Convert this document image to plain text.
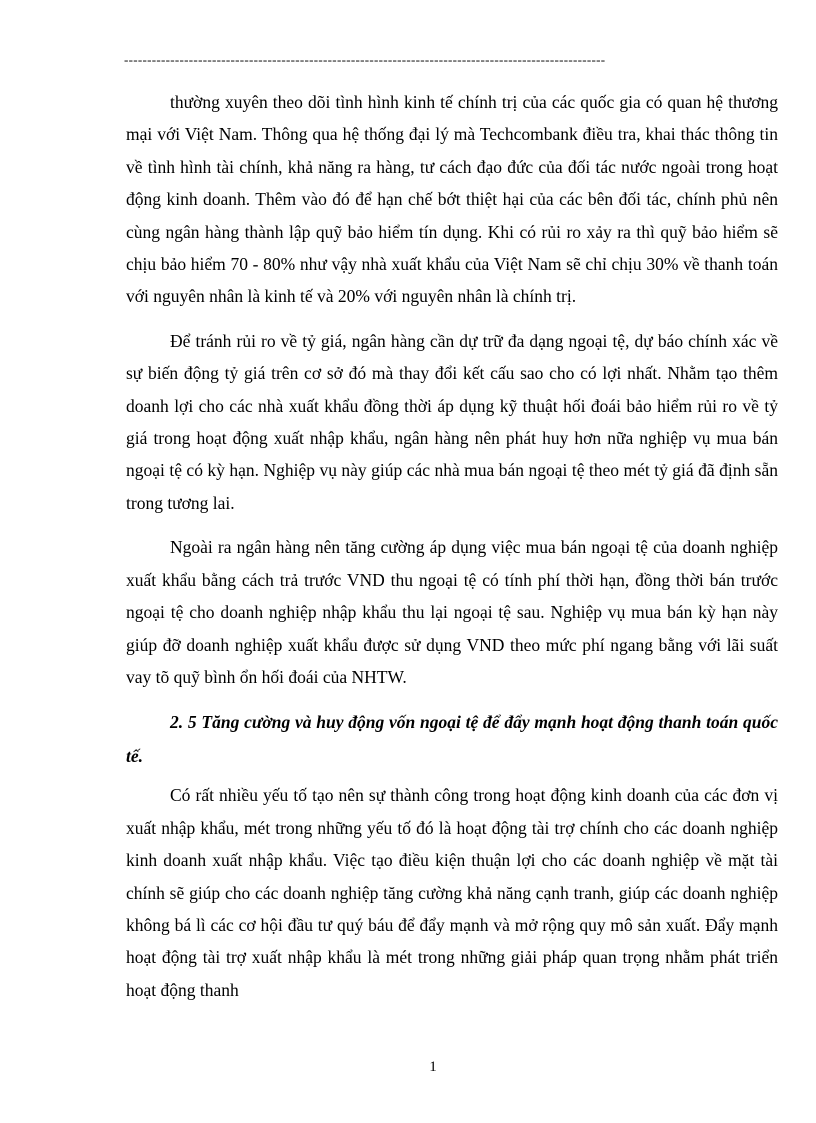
--------------------------------------------------------------------------------------------------------

thường xuyên theo dõi tình hình kinh tế chính trị của các quốc gia có quan hệ thương mại với Việt Nam. Thông qua hệ thống đại lý mà Techcombank điều tra, khai thác thông tin về tình hình tài chính, khả năng ra hàng, tư cách đạo đức của đối tác nước ngoài trong hoạt động kinh doanh. Thêm vào đó để hạn chế bớt thiệt hại của các bên đối tác, chính phủ nên cùng ngân hàng thành lập quỹ bảo hiểm tín dụng. Khi có rủi ro xảy ra thì quỹ bảo hiểm sẽ chịu bảo hiểm 70 - 80% như vậy nhà xuất khẩu của Việt Nam sẽ chỉ chịu 30% về thanh toán với nguyên nhân là kinh tế và 20% với nguyên nhân là chính trị.

Để tránh rủi ro về tỷ giá, ngân hàng cần dự trữ đa dạng ngoại tệ, dự báo chính xác về sự biến động tỷ giá trên cơ sở đó mà thay đổi kết cấu sao cho có lợi nhất. Nhằm tạo thêm doanh lợi cho các nhà xuất khẩu đồng thời áp dụng kỹ thuật hối đoái bảo hiểm rủi ro về tỷ giá trong hoạt động xuất nhập khẩu, ngân hàng nên phát huy hơn nữa nghiệp vụ mua bán ngoại tệ có kỳ hạn. Nghiệp vụ này giúp các nhà mua bán ngoại tệ theo mét tỷ giá đã định sẵn trong tương lai.

Ngoài ra ngân hàng nên tăng cường áp dụng việc mua bán ngoại tệ của doanh nghiệp xuất khẩu bằng cách trả trước VND thu ngoại tệ có tính phí thời hạn, đồng thời bán trước ngoại tệ cho doanh nghiệp nhập khẩu thu lại ngoại tệ sau. Nghiệp vụ mua bán kỳ hạn này giúp đỡ doanh nghiệp xuất khẩu được sử dụng VND theo mức phí ngang bằng với lãi suất vay tõ quỹ bình ổn hối đoái của NHTW.

2. 5 Tăng cường và huy động vốn ngoại tệ để đẩy mạnh hoạt động thanh toán quốc tế.

Có rất nhiều yếu tố tạo nên sự thành công trong hoạt động kinh doanh của các đơn vị xuất nhập khẩu, mét trong những yếu tố đó là hoạt động tài trợ chính cho các doanh nghiệp kinh doanh xuất nhập khẩu. Việc tạo điều kiện thuận lợi cho các doanh nghiệp về mặt tài chính sẽ giúp cho các doanh nghiệp tăng cường khả năng cạnh tranh, giúp các doanh nghiệp không bá lì các cơ hội đầu tư quý báu để đẩy mạnh và mở rộng quy mô sản xuất. Đẩy mạnh hoạt động tài trợ xuất nhập khẩu là mét trong những giải pháp quan trọng nhằm phát triển hoạt động thanh

1
